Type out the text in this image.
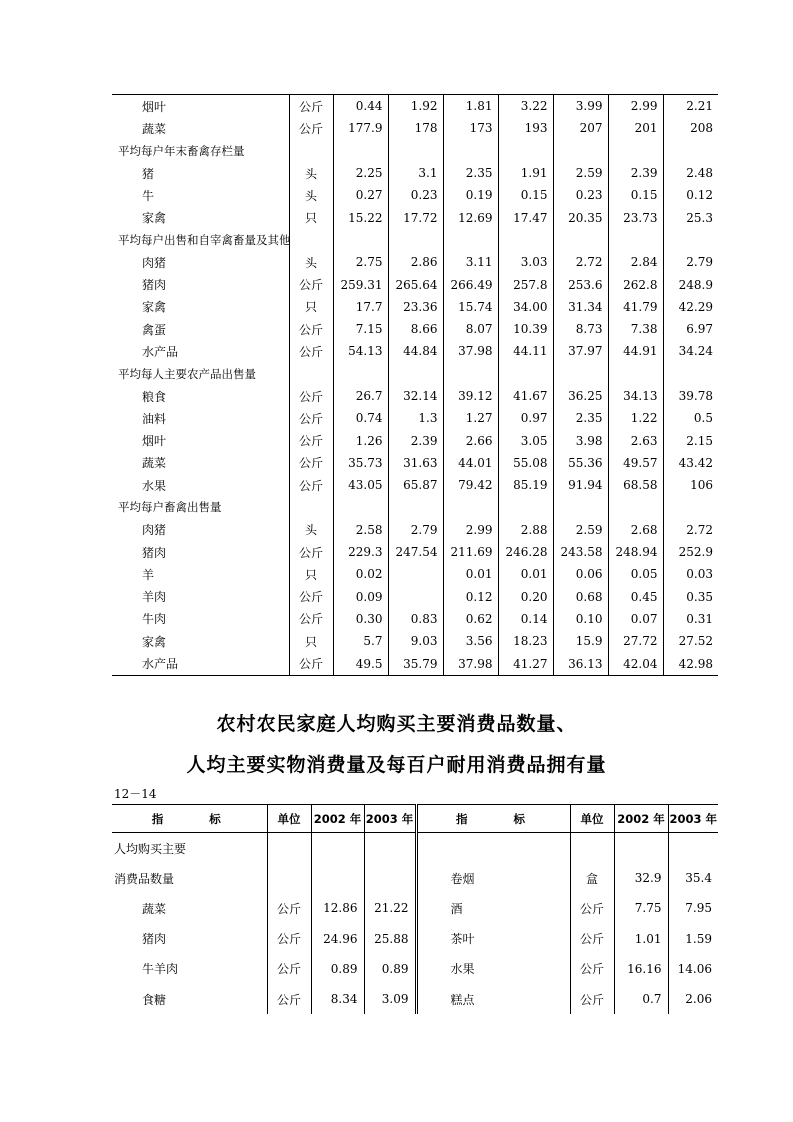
烟叶	公斤	0.44	1.92	1.81	3.22	3.99	2.99	2.21
蔬菜	公斤	177.9	178	173	193	207	201	208
平均每户年末畜禽存栏量								
猪	头	2.25	3.1	2.35	1.91	2.59	2.39	2.48
牛	头	0.27	0.23	0.19	0.15	0.23	0.15	0.12
家禽	只	15.22	17.72	12.69	17.47	20.35	23.73	25.3
平均每户出售和自宰禽畜量及其他								
肉猪	头	2.75	2.86	3.11	3.03	2.72	2.84	2.79
猪肉	公斤	259.31	265.64	266.49	257.8	253.6	262.8	248.9
家禽	只	17.7	23.36	15.74	34.00	31.34	41.79	42.29
禽蛋	公斤	7.15	8.66	8.07	10.39	8.73	7.38	6.97
水产品	公斤	54.13	44.84	37.98	44.11	37.97	44.91	34.24
平均每人主要农产品出售量								
粮食	公斤	26.7	32.14	39.12	41.67	36.25	34.13	39.78
油料	公斤	0.74	1.3	1.27	0.97	2.35	1.22	0.5
烟叶	公斤	1.26	2.39	2.66	3.05	3.98	2.63	2.15
蔬菜	公斤	35.73	31.63	44.01	55.08	55.36	49.57	43.42
水果	公斤	43.05	65.87	79.42	85.19	91.94	68.58	106
平均每户畜禽出售量								
肉猪	头	2.58	2.79	2.99	2.88	2.59	2.68	2.72
猪肉	公斤	229.3	247.54	211.69	246.28	243.58	248.94	252.9
羊	只	0.02		0.01	0.01	0.06	0.05	0.03
羊肉	公斤	0.09		0.12	0.20	0.68	0.45	0.35
牛肉	公斤	0.30	0.83	0.62	0.14	0.10	0.07	0.31
家禽	只	5.7	9.03	3.56	18.23	15.9	27.72	27.52
水产品	公斤	49.5	35.79	37.98	41.27	36.13	42.04	42.98
农村农民家庭人均购买主要消费品数量、
人均主要实物消费量及每百户耐用消费品拥有量
12－14
指 标	单位	2002 年	2003 年	指 标	单位	2002 年	2003 年
人均购买主要							
消费品数量				卷烟	盒	32.9	35.4
蔬菜	公斤	12.86	21.22	酒	公斤	7.75	7.95
猪肉	公斤	24.96	25.88	茶叶	公斤	1.01	1.59
牛羊肉	公斤	0.89	0.89	水果	公斤	16.16	14.06
食糖	公斤	8.34	3.09	糕点	公斤	0.7	2.06
